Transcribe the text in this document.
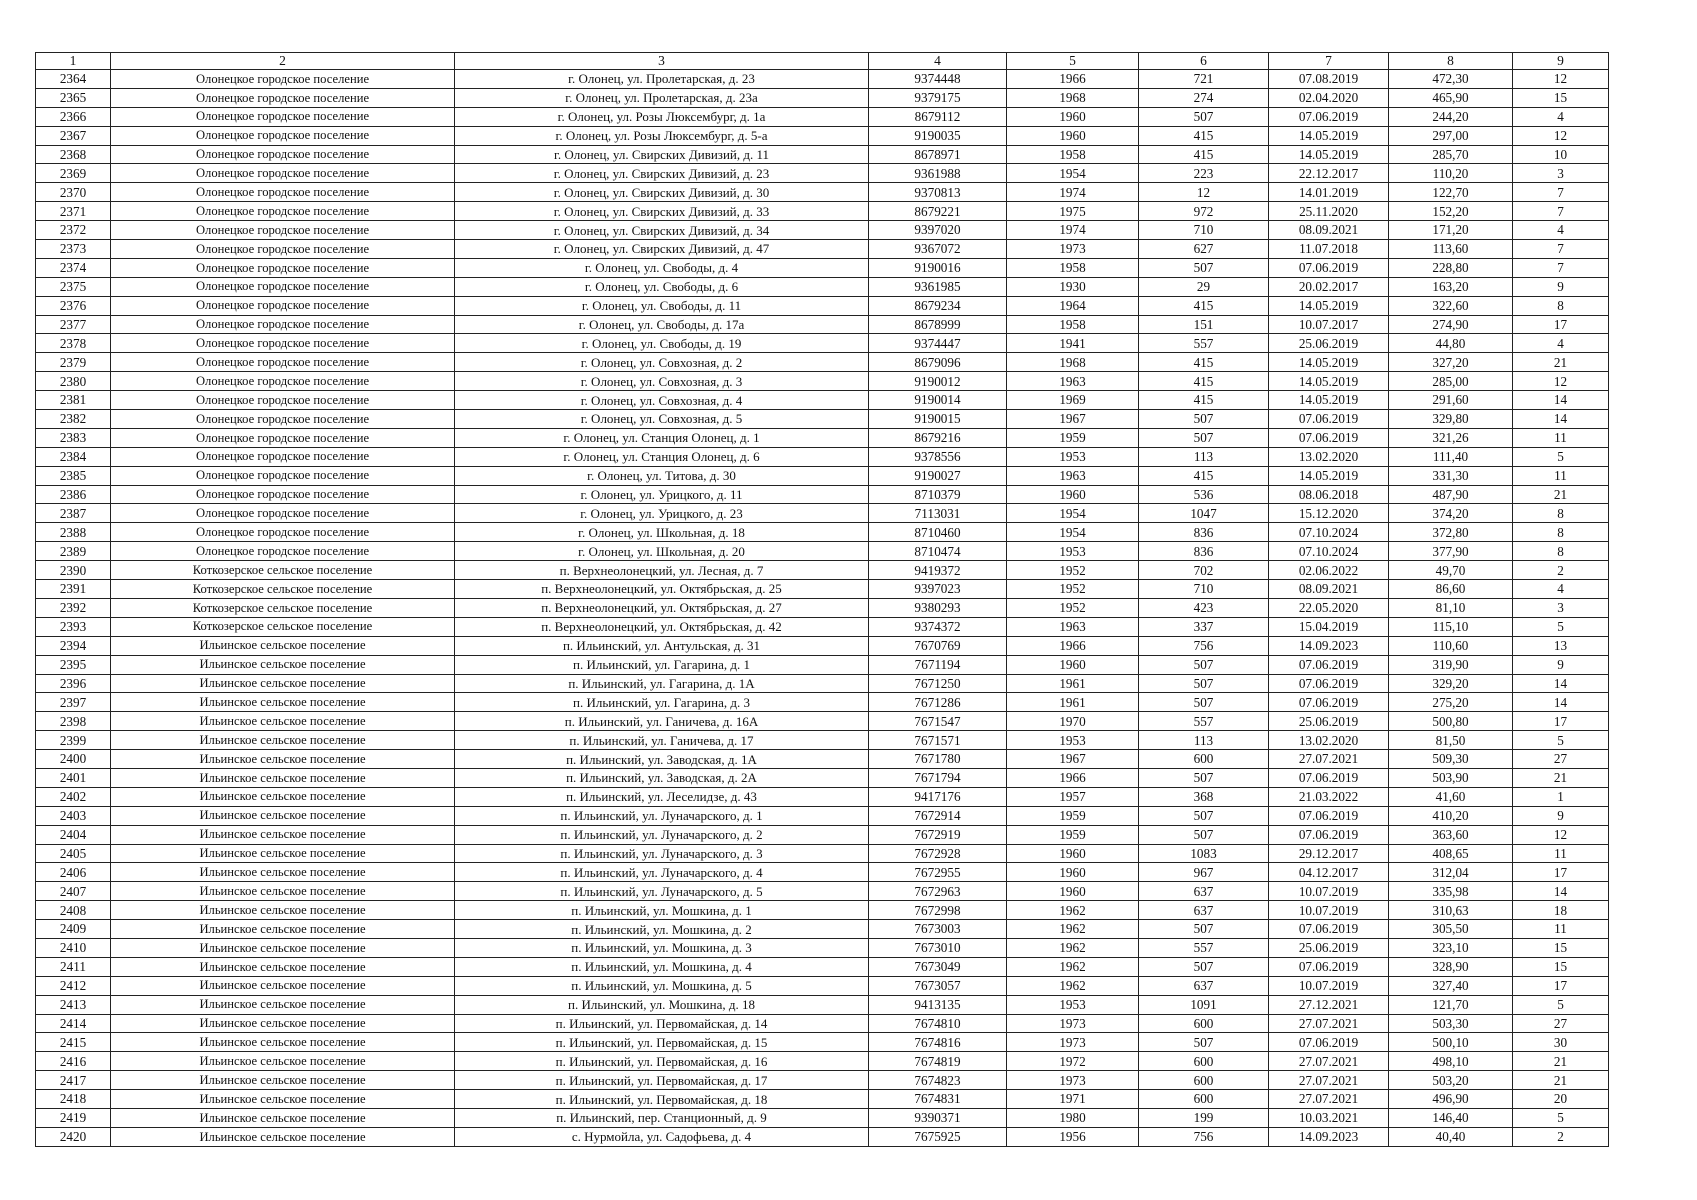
1	2	3	4	5	6	7	8	9
2364	Олонецкое городское поселение	г. Олонец, ул. Пролетарская, д. 23	9374448	1966	721	07.08.2019	472,30	12
2365	Олонецкое городское поселение	г. Олонец, ул. Пролетарская, д. 23а	9379175	1968	274	02.04.2020	465,90	15
2366	Олонецкое городское поселение	г. Олонец, ул. Розы Люксембург, д. 1а	8679112	1960	507	07.06.2019	244,20	4
2367	Олонецкое городское поселение	г. Олонец, ул. Розы Люксембург, д. 5-а	9190035	1960	415	14.05.2019	297,00	12
2368	Олонецкое городское поселение	г. Олонец, ул. Свирских Дивизий, д. 11	8678971	1958	415	14.05.2019	285,70	10
2369	Олонецкое городское поселение	г. Олонец, ул. Свирских Дивизий, д. 23	9361988	1954	223	22.12.2017	110,20	3
2370	Олонецкое городское поселение	г. Олонец, ул. Свирских Дивизий, д. 30	9370813	1974	12	14.01.2019	122,70	7
2371	Олонецкое городское поселение	г. Олонец, ул. Свирских Дивизий, д. 33	8679221	1975	972	25.11.2020	152,20	7
2372	Олонецкое городское поселение	г. Олонец, ул. Свирских Дивизий, д. 34	9397020	1974	710	08.09.2021	171,20	4
2373	Олонецкое городское поселение	г. Олонец, ул. Свирских Дивизий, д. 47	9367072	1973	627	11.07.2018	113,60	7
2374	Олонецкое городское поселение	г. Олонец, ул. Свободы, д. 4	9190016	1958	507	07.06.2019	228,80	7
2375	Олонецкое городское поселение	г. Олонец, ул. Свободы, д. 6	9361985	1930	29	20.02.2017	163,20	9
2376	Олонецкое городское поселение	г. Олонец, ул. Свободы, д. 11	8679234	1964	415	14.05.2019	322,60	8
2377	Олонецкое городское поселение	г. Олонец, ул. Свободы, д. 17а	8678999	1958	151	10.07.2017	274,90	17
2378	Олонецкое городское поселение	г. Олонец, ул. Свободы, д. 19	9374447	1941	557	25.06.2019	44,80	4
2379	Олонецкое городское поселение	г. Олонец, ул. Совхозная, д. 2	8679096	1968	415	14.05.2019	327,20	21
2380	Олонецкое городское поселение	г. Олонец, ул. Совхозная, д. 3	9190012	1963	415	14.05.2019	285,00	12
2381	Олонецкое городское поселение	г. Олонец, ул. Совхозная, д. 4	9190014	1969	415	14.05.2019	291,60	14
2382	Олонецкое городское поселение	г. Олонец, ул. Совхозная, д. 5	9190015	1967	507	07.06.2019	329,80	14
2383	Олонецкое городское поселение	г. Олонец, ул. Станция Олонец, д. 1	8679216	1959	507	07.06.2019	321,26	11
2384	Олонецкое городское поселение	г. Олонец, ул. Станция Олонец, д. 6	9378556	1953	113	13.02.2020	111,40	5
2385	Олонецкое городское поселение	г. Олонец, ул. Титова, д. 30	9190027	1963	415	14.05.2019	331,30	11
2386	Олонецкое городское поселение	г. Олонец, ул. Урицкого, д. 11	8710379	1960	536	08.06.2018	487,90	21
2387	Олонецкое городское поселение	г. Олонец, ул. Урицкого, д. 23	7113031	1954	1047	15.12.2020	374,20	8
2388	Олонецкое городское поселение	г. Олонец, ул. Школьная, д. 18	8710460	1954	836	07.10.2024	372,80	8
2389	Олонецкое городское поселение	г. Олонец, ул. Школьная, д. 20	8710474	1953	836	07.10.2024	377,90	8
2390	Коткозерское сельское поселение	п. Верхнеолонецкий, ул. Лесная, д. 7	9419372	1952	702	02.06.2022	49,70	2
2391	Коткозерское сельское поселение	п. Верхнеолонецкий, ул. Октябрьская, д. 25	9397023	1952	710	08.09.2021	86,60	4
2392	Коткозерское сельское поселение	п. Верхнеолонецкий, ул. Октябрьская, д. 27	9380293	1952	423	22.05.2020	81,10	3
2393	Коткозерское сельское поселение	п. Верхнеолонецкий, ул. Октябрьская, д. 42	9374372	1963	337	15.04.2019	115,10	5
2394	Ильинское сельское поселение	п. Ильинский, ул. Антульская, д. 31	7670769	1966	756	14.09.2023	110,60	13
2395	Ильинское сельское поселение	п. Ильинский, ул. Гагарина, д. 1	7671194	1960	507	07.06.2019	319,90	9
2396	Ильинское сельское поселение	п. Ильинский, ул. Гагарина, д. 1А	7671250	1961	507	07.06.2019	329,20	14
2397	Ильинское сельское поселение	п. Ильинский, ул. Гагарина, д. 3	7671286	1961	507	07.06.2019	275,20	14
2398	Ильинское сельское поселение	п. Ильинский, ул. Ганичева, д. 16А	7671547	1970	557	25.06.2019	500,80	17
2399	Ильинское сельское поселение	п. Ильинский, ул. Ганичева, д. 17	7671571	1953	113	13.02.2020	81,50	5
2400	Ильинское сельское поселение	п. Ильинский, ул. Заводская, д. 1А	7671780	1967	600	27.07.2021	509,30	27
2401	Ильинское сельское поселение	п. Ильинский, ул. Заводская, д. 2А	7671794	1966	507	07.06.2019	503,90	21
2402	Ильинское сельское поселение	п. Ильинский, ул. Леселидзе, д. 43	9417176	1957	368	21.03.2022	41,60	1
2403	Ильинское сельское поселение	п. Ильинский, ул. Луначарского, д. 1	7672914	1959	507	07.06.2019	410,20	9
2404	Ильинское сельское поселение	п. Ильинский, ул. Луначарского, д. 2	7672919	1959	507	07.06.2019	363,60	12
2405	Ильинское сельское поселение	п. Ильинский, ул. Луначарского, д. 3	7672928	1960	1083	29.12.2017	408,65	11
2406	Ильинское сельское поселение	п. Ильинский, ул. Луначарского, д. 4	7672955	1960	967	04.12.2017	312,04	17
2407	Ильинское сельское поселение	п. Ильинский, ул. Луначарского, д. 5	7672963	1960	637	10.07.2019	335,98	14
2408	Ильинское сельское поселение	п. Ильинский, ул. Мошкина, д. 1	7672998	1962	637	10.07.2019	310,63	18
2409	Ильинское сельское поселение	п. Ильинский, ул. Мошкина, д. 2	7673003	1962	507	07.06.2019	305,50	11
2410	Ильинское сельское поселение	п. Ильинский, ул. Мошкина, д. 3	7673010	1962	557	25.06.2019	323,10	15
2411	Ильинское сельское поселение	п. Ильинский, ул. Мошкина, д. 4	7673049	1962	507	07.06.2019	328,90	15
2412	Ильинское сельское поселение	п. Ильинский, ул. Мошкина, д. 5	7673057	1962	637	10.07.2019	327,40	17
2413	Ильинское сельское поселение	п. Ильинский, ул. Мошкина, д. 18	9413135	1953	1091	27.12.2021	121,70	5
2414	Ильинское сельское поселение	п. Ильинский, ул. Первомайская, д. 14	7674810	1973	600	27.07.2021	503,30	27
2415	Ильинское сельское поселение	п. Ильинский, ул. Первомайская, д. 15	7674816	1973	507	07.06.2019	500,10	30
2416	Ильинское сельское поселение	п. Ильинский, ул. Первомайская, д. 16	7674819	1972	600	27.07.2021	498,10	21
2417	Ильинское сельское поселение	п. Ильинский, ул. Первомайская, д. 17	7674823	1973	600	27.07.2021	503,20	21
2418	Ильинское сельское поселение	п. Ильинский, ул. Первомайская, д. 18	7674831	1971	600	27.07.2021	496,90	20
2419	Ильинское сельское поселение	п. Ильинский, пер. Станционный, д. 9	9390371	1980	199	10.03.2021	146,40	5
2420	Ильинское сельское поселение	с. Нурмойла, ул. Садофьева, д. 4	7675925	1956	756	14.09.2023	40,40	2
